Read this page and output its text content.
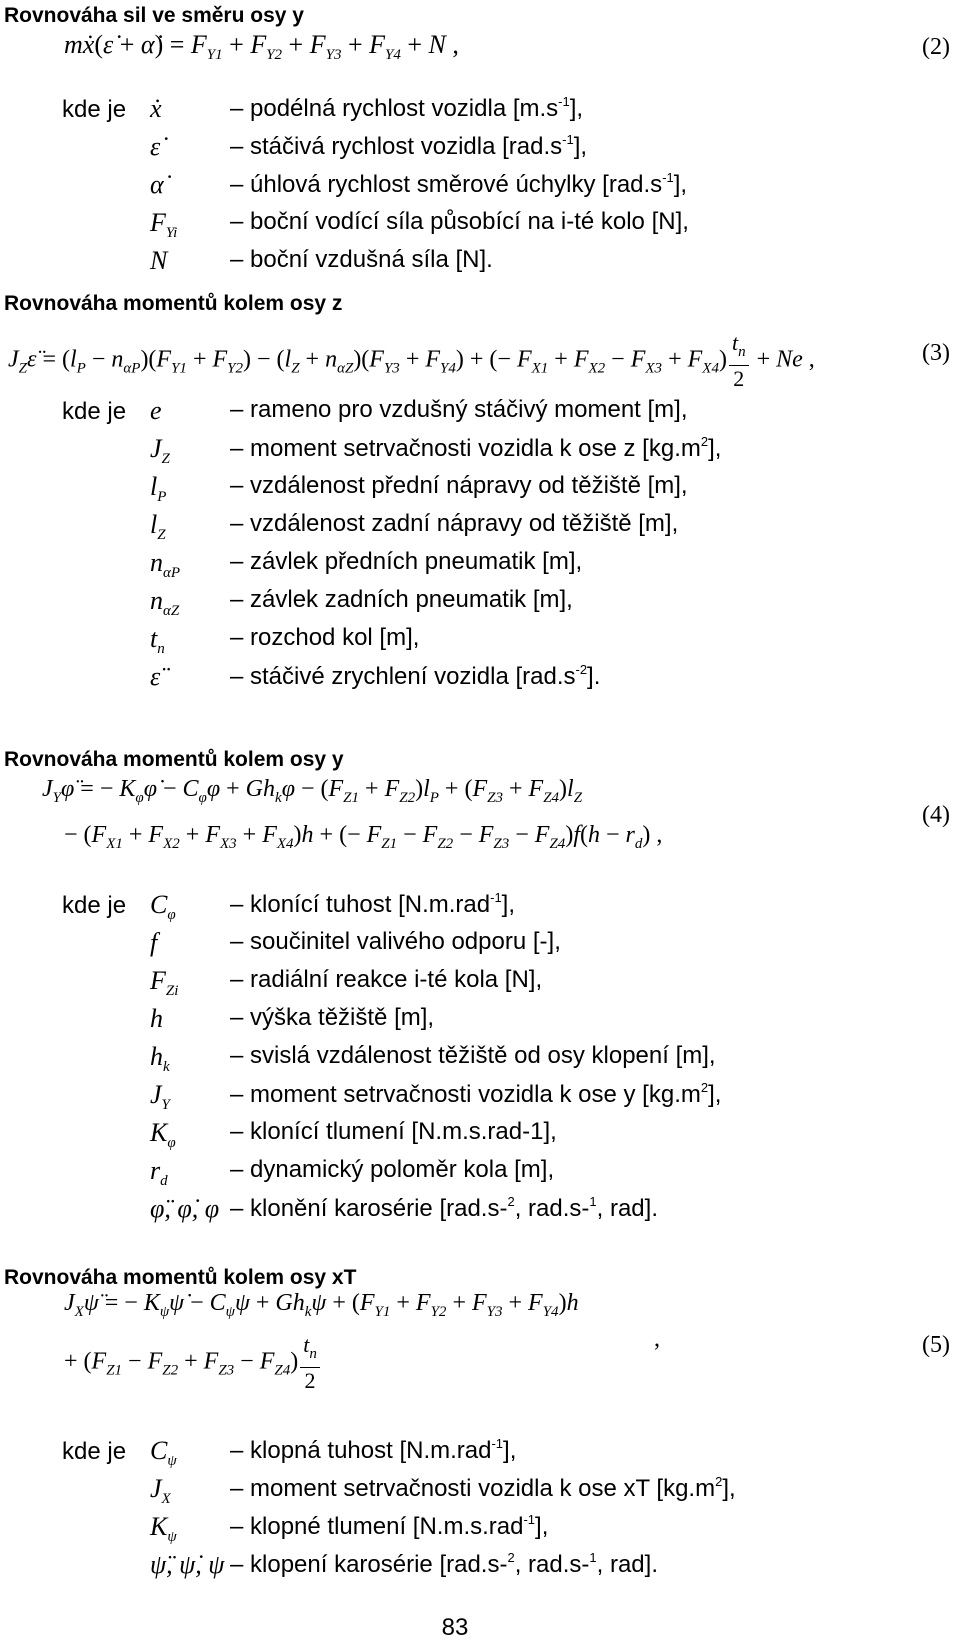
Rovnováha sil ve směru osy y
mẋ(ε̇ + α̇) = $F_{Y1} + F_{Y2} + F_{Y3} + F_{Y4} + N$ ,	(2)
kde je ẋ	– podélná rychlost vozidla $[m.s^{-1}]$,
ε̇	– stáčivá rychlost vozidla $[rad.s^{-1}]$,
α̇	– úhlová rychlost směrové úchylky $[rad.s^{-1}]$,
$F_{Yi}$ – boční vodící síla působící na i-té kolo [N],
N	– boční vzdušná síla [N].
Rovnováha momentů kolem osy z
$J_Z\varepsilon̈ = (l_P - n_{\alpha P})(F_{Y1} + F_{Y2}) - (l_Z + n_{\alpha Z})(F_{Y3} + F_{Y4})$ + (− $F_{X1} + F_{X2} - F_{X3} + F_{X4}) \frac{t_n}{2} + Ne$ ,	(3)
kde je e	– rameno pro vzdušný stáčivý moment [m],
$J_Z$	– moment setrvačnosti vozidla k ose z $[kg.m^2]$,
$l_P$	– vzdálenost přední nápravy od těžiště [m],
$l_Z$	– vzdálenost zadní nápravy od těžiště [m],
$n_{\alpha P}$ – závlek předních pneumatik [m],
$n_{\alpha Z}$ – závlek zadních pneumatik [m],
$t_n$	– rozchod kol [m],
ε̈	– stáčivé zrychlení vozidla $[rad.s^{-2}]$.
Rovnováha momentů kolem osy y
$J_Y\varphï$ = − $K_\varphi\varphi̇ - C_\varphi\varphi + Gh_k\varphi - (F_{Z1} + F_{Z2})l_P + (F_{Z3} + F_{Z4})l_Z$
− $(F_{X1} + F_{X2} + F_{X3} + F_{X4})h$ + (− $F_{Z1} - F_{Z2} - F_{Z3} - F_{Z4})f(h - r_d)$ ,
(4)
kde je $C_\varphi$ – klonící tuhost [N.m.rad$^{-1}$],
f	– součinitel valivého odporu [-],
$F_{Zi}$ – radiální reakce i-té kola [N],
h	– výška těžiště [m],
$h_k$	– svislá vzdálenost těžiště od osy klopení [m],
$J_Y$	– moment setrvačnosti vozidla k ose y $[kg.m^2]$,
$K_\varphi$ – klonící tlumení [N.m.s.rad-1],
$r_d$	– dynamický poloměr kola [m],
φ̈, φ̇, φ – klonění karosérie [rad.s-$^2$, rad.s-$^1$, rad].
Rovnováha momentů kolem osy xT
$J_X\psï$ = − $K_\psi\psi̇ - C_\psi\psi + Gh_k\psi + (F_{Y1} + F_{Y2} + F_{Y3} + F_{Y4})h$
+ $(F_{Z1} - F_{Z2} + F_{Z3} - F_{Z4}) \frac{t_n}{2}$	,	(5)
kde je $C_\psi$ – klopná tuhost [N.m.rad$^{-1}$],
$J_X$ – moment setrvačnosti vozidla k ose xT $[kg.m^2]$,
$K_\psi$ – klopné tlumení [N.m.s.rad$^{-1}$],
ψ̈, ψ̇, ψ – klopení karosérie [rad.s-$^2$, rad.s-$^1$, rad].
83
